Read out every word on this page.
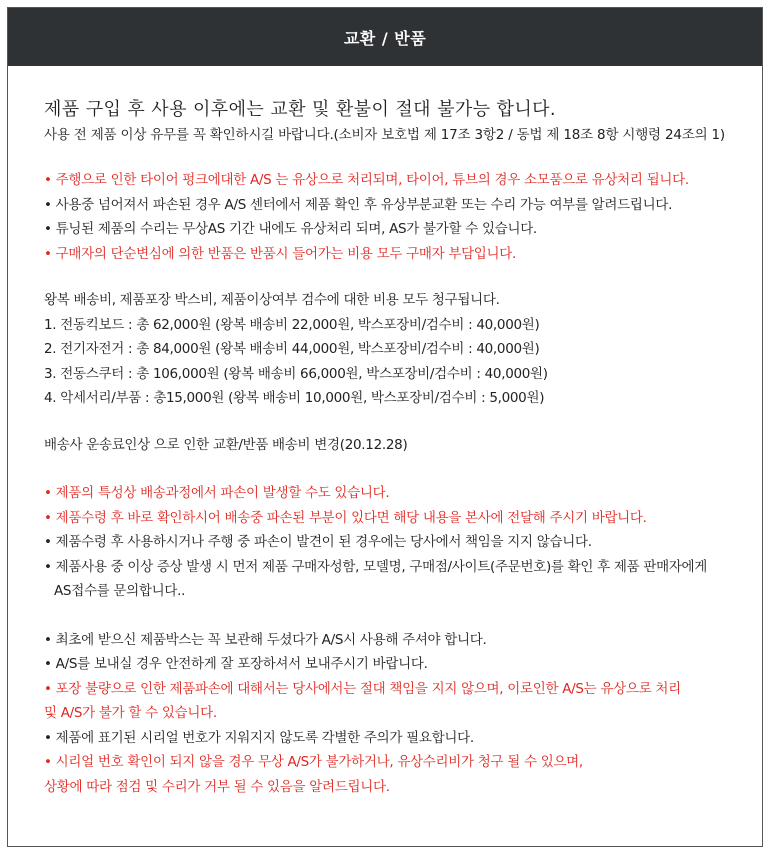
교환 / 반품

제품 구입 후 사용 이후에는 교환 및 환불이 절대 불가능 합니다.

사용 전 제품 이상 유무를 꼭 확인하시길 바랍니다.(소비자 보호법 제 17조 3항2 / 동법 제 18조 8항 시행령 24조의 1)
• 주행으로 인한 타이어 펑크에대한 A/S 는 유상으로 처리되며, 타이어, 튜브의 경우 소모품으로 유상처리 됩니다.
• 사용중 넘어져서 파손된 경우 A/S 센터에서 제품 확인 후 유상부분교환 또는 수리 가능 여부를 알려드립니다.
• 튜닝된 제품의 수리는 무상AS 기간 내에도 유상처리 되며, AS가 불가할 수 있습니다.
• 구매자의 단순변심에 의한 반품은 반품시 들어가는 비용 모두 구매자 부담입니다.
왕복 배송비, 제품포장 박스비, 제품이상여부 검수에 대한 비용 모두 청구됩니다.
1. 전동킥보드 : 총 62,000원 (왕복 배송비 22,000원, 박스포장비/검수비 : 40,000원)
2. 전기자전거 : 총 84,000원 (왕복 배송비 44,000원, 박스포장비/검수비 : 40,000원)
3. 전동스쿠터 : 총 106,000원 (왕복 배송비 66,000원, 박스포장비/검수비 : 40,000원)
4. 악세서리/부품 : 총15,000원 (왕복 배송비 10,000원, 박스포장비/검수비 : 5,000원)
배송사 운송료인상 으로 인한 교환/반품 배송비 변경(20.12.28)
• 제품의 특성상 배송과정에서 파손이 발생할 수도 있습니다.
• 제품수령 후 바로 확인하시어 배송중 파손된 부분이 있다면 해당 내용을 본사에 전달해 주시기 바랍니다.
• 제품수령 후 사용하시거나 주행 중 파손이 발견이 된 경우에는 당사에서 책임을 지지 않습니다.
• 제품사용 중 이상 증상 발생 시 먼저 제품 구매자성함, 모델명, 구매점/사이트(주문번호)를 확인 후 제품 판매자에게
AS접수를 문의합니다..
• 최초에 받으신 제품박스는 꼭 보관해 두셨다가 A/S시 사용해 주셔야 합니다.
• A/S를 보내실 경우 안전하게 잘 포장하셔서 보내주시기 바랍니다.
• 포장 불량으로 인한 제품파손에 대해서는 당사에서는 절대 책임을 지지 않으며, 이로인한 A/S는 유상으로 처리
및 A/S가 불가 할 수 있습니다.
• 제품에 표기된 시리얼 번호가 지워지지 않도록 각별한 주의가 필요합니다.
• 시리얼 번호 확인이 되지 않을 경우 무상 A/S가 불가하거나, 유상수리비가 청구 될 수 있으며,
상황에 따라 점검 및 수리가 거부 될 수 있음을 알려드립니다.
